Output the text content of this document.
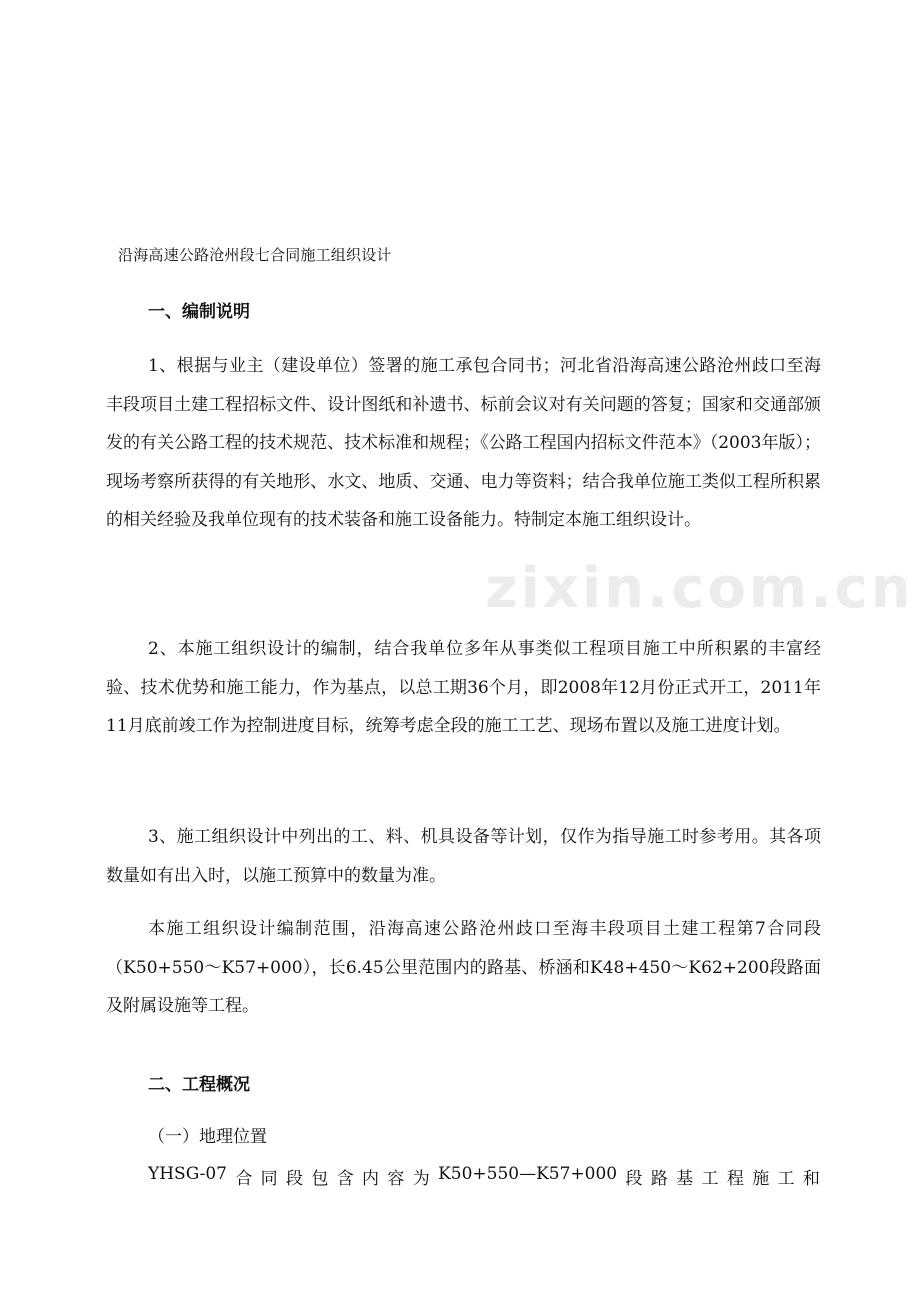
zixin.com.cn
沿海高速公路沧州段七合同施工组织设计
一、编制说明

1、根据与业主（建设单位）签署的施工承包合同书；河北省沿海高速公路沧州歧口至海丰段项目土建工程招标文件、设计图纸和补遗书、标前会议对有关问题的答复；国家和交通部颁发的有关公路工程的技术规范、技术标准和规程；《公路工程国内招标文件范本》（2003年版）；现场考察所获得的有关地形、水文、地质、交通、电力等资料；结合我单位施工类似工程所积累的相关经验及我单位现有的技术装备和施工设备能力。特制定本施工组织设计。

2、本施工组织设计的编制，结合我单位多年从事类似工程项目施工中所积累的丰富经验、技术优势和施工能力，作为基点，以总工期36个月，即2008年12月份正式开工，2011年11月底前竣工作为控制进度目标，统筹考虑全段的施工工艺、现场布置以及施工进度计划。

3、施工组织设计中列出的工、料、机具设备等计划，仅作为指导施工时参考用。其各项数量如有出入时，以施工预算中的数量为准。

本施工组织设计编制范围，沿海高速公路沧州歧口至海丰段项目土建工程第7合同段（K50+550～K57+000），长6.45公里范围内的路基、桥涵和K48+450～K62+200段路面及附属设施等工程。

二、工程概况
（一）地理位置
YHSG-07 合 同 段 包 含 内 容 为 K50+550—K57+000 段 路 基 工 程 施 工 和
